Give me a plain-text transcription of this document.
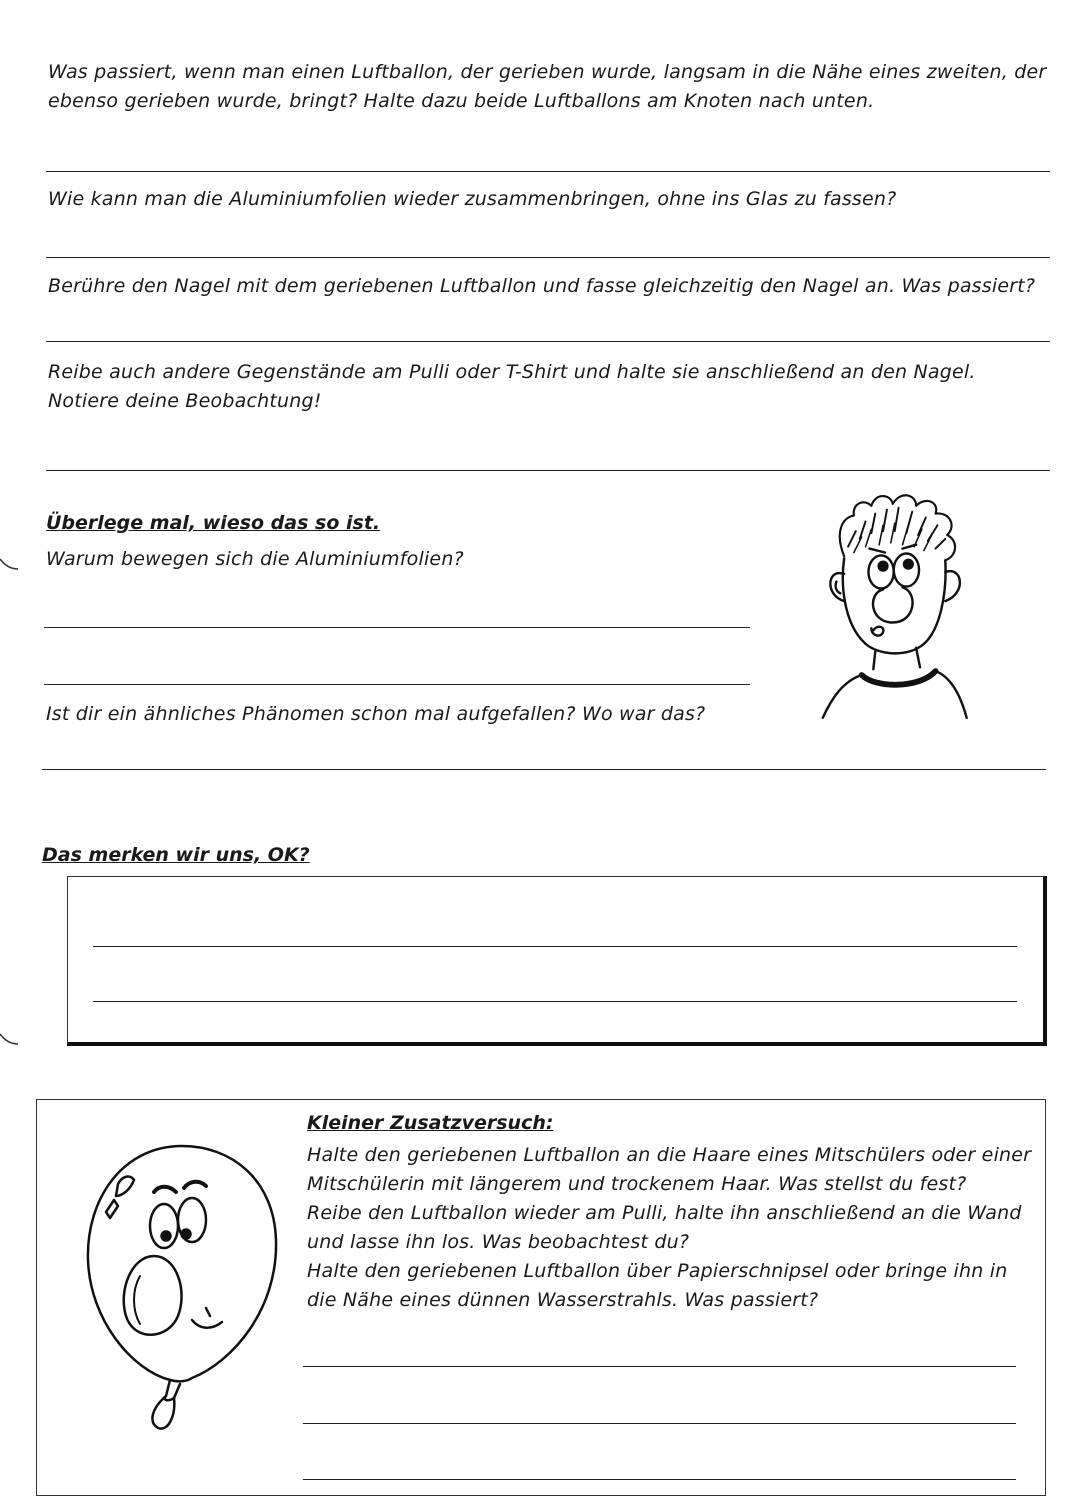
Was passiert, wenn man einen Luftballon, der gerieben wurde, langsam in die Nähe eines zweiten, der ebenso gerieben wurde, bringt? Halte dazu beide Luftballons am Knoten nach unten.
Wie kann man die Aluminiumfolien wieder zusammenbringen, ohne ins Glas zu fassen?
Berühre den Nagel mit dem geriebenen Luftballon und fasse gleichzeitig den Nagel an. Was passiert?
Reibe auch andere Gegenstände am Pulli oder T-Shirt und halte sie anschließend an den Nagel.
Notiere deine Beobachtung!
Überlege mal, wieso das so ist.
Warum bewegen sich die Aluminiumfolien?
Ist dir ein ähnliches Phänomen schon mal aufgefallen? Wo war das?
Das merken wir uns, OK?
Kleiner Zusatzversuch:
Halte den geriebenen Luftballon an die Haare eines Mitschülers oder einer
Mitschülerin mit längerem und trockenem Haar. Was stellst du fest?
Reibe den Luftballon wieder am Pulli, halte ihn anschließend an die Wand
und lasse ihn los. Was beobachtest du?
Halte den geriebenen Luftballon über Papierschnipsel oder bringe ihn in
die Nähe eines dünnen Wasserstrahls. Was passiert?
